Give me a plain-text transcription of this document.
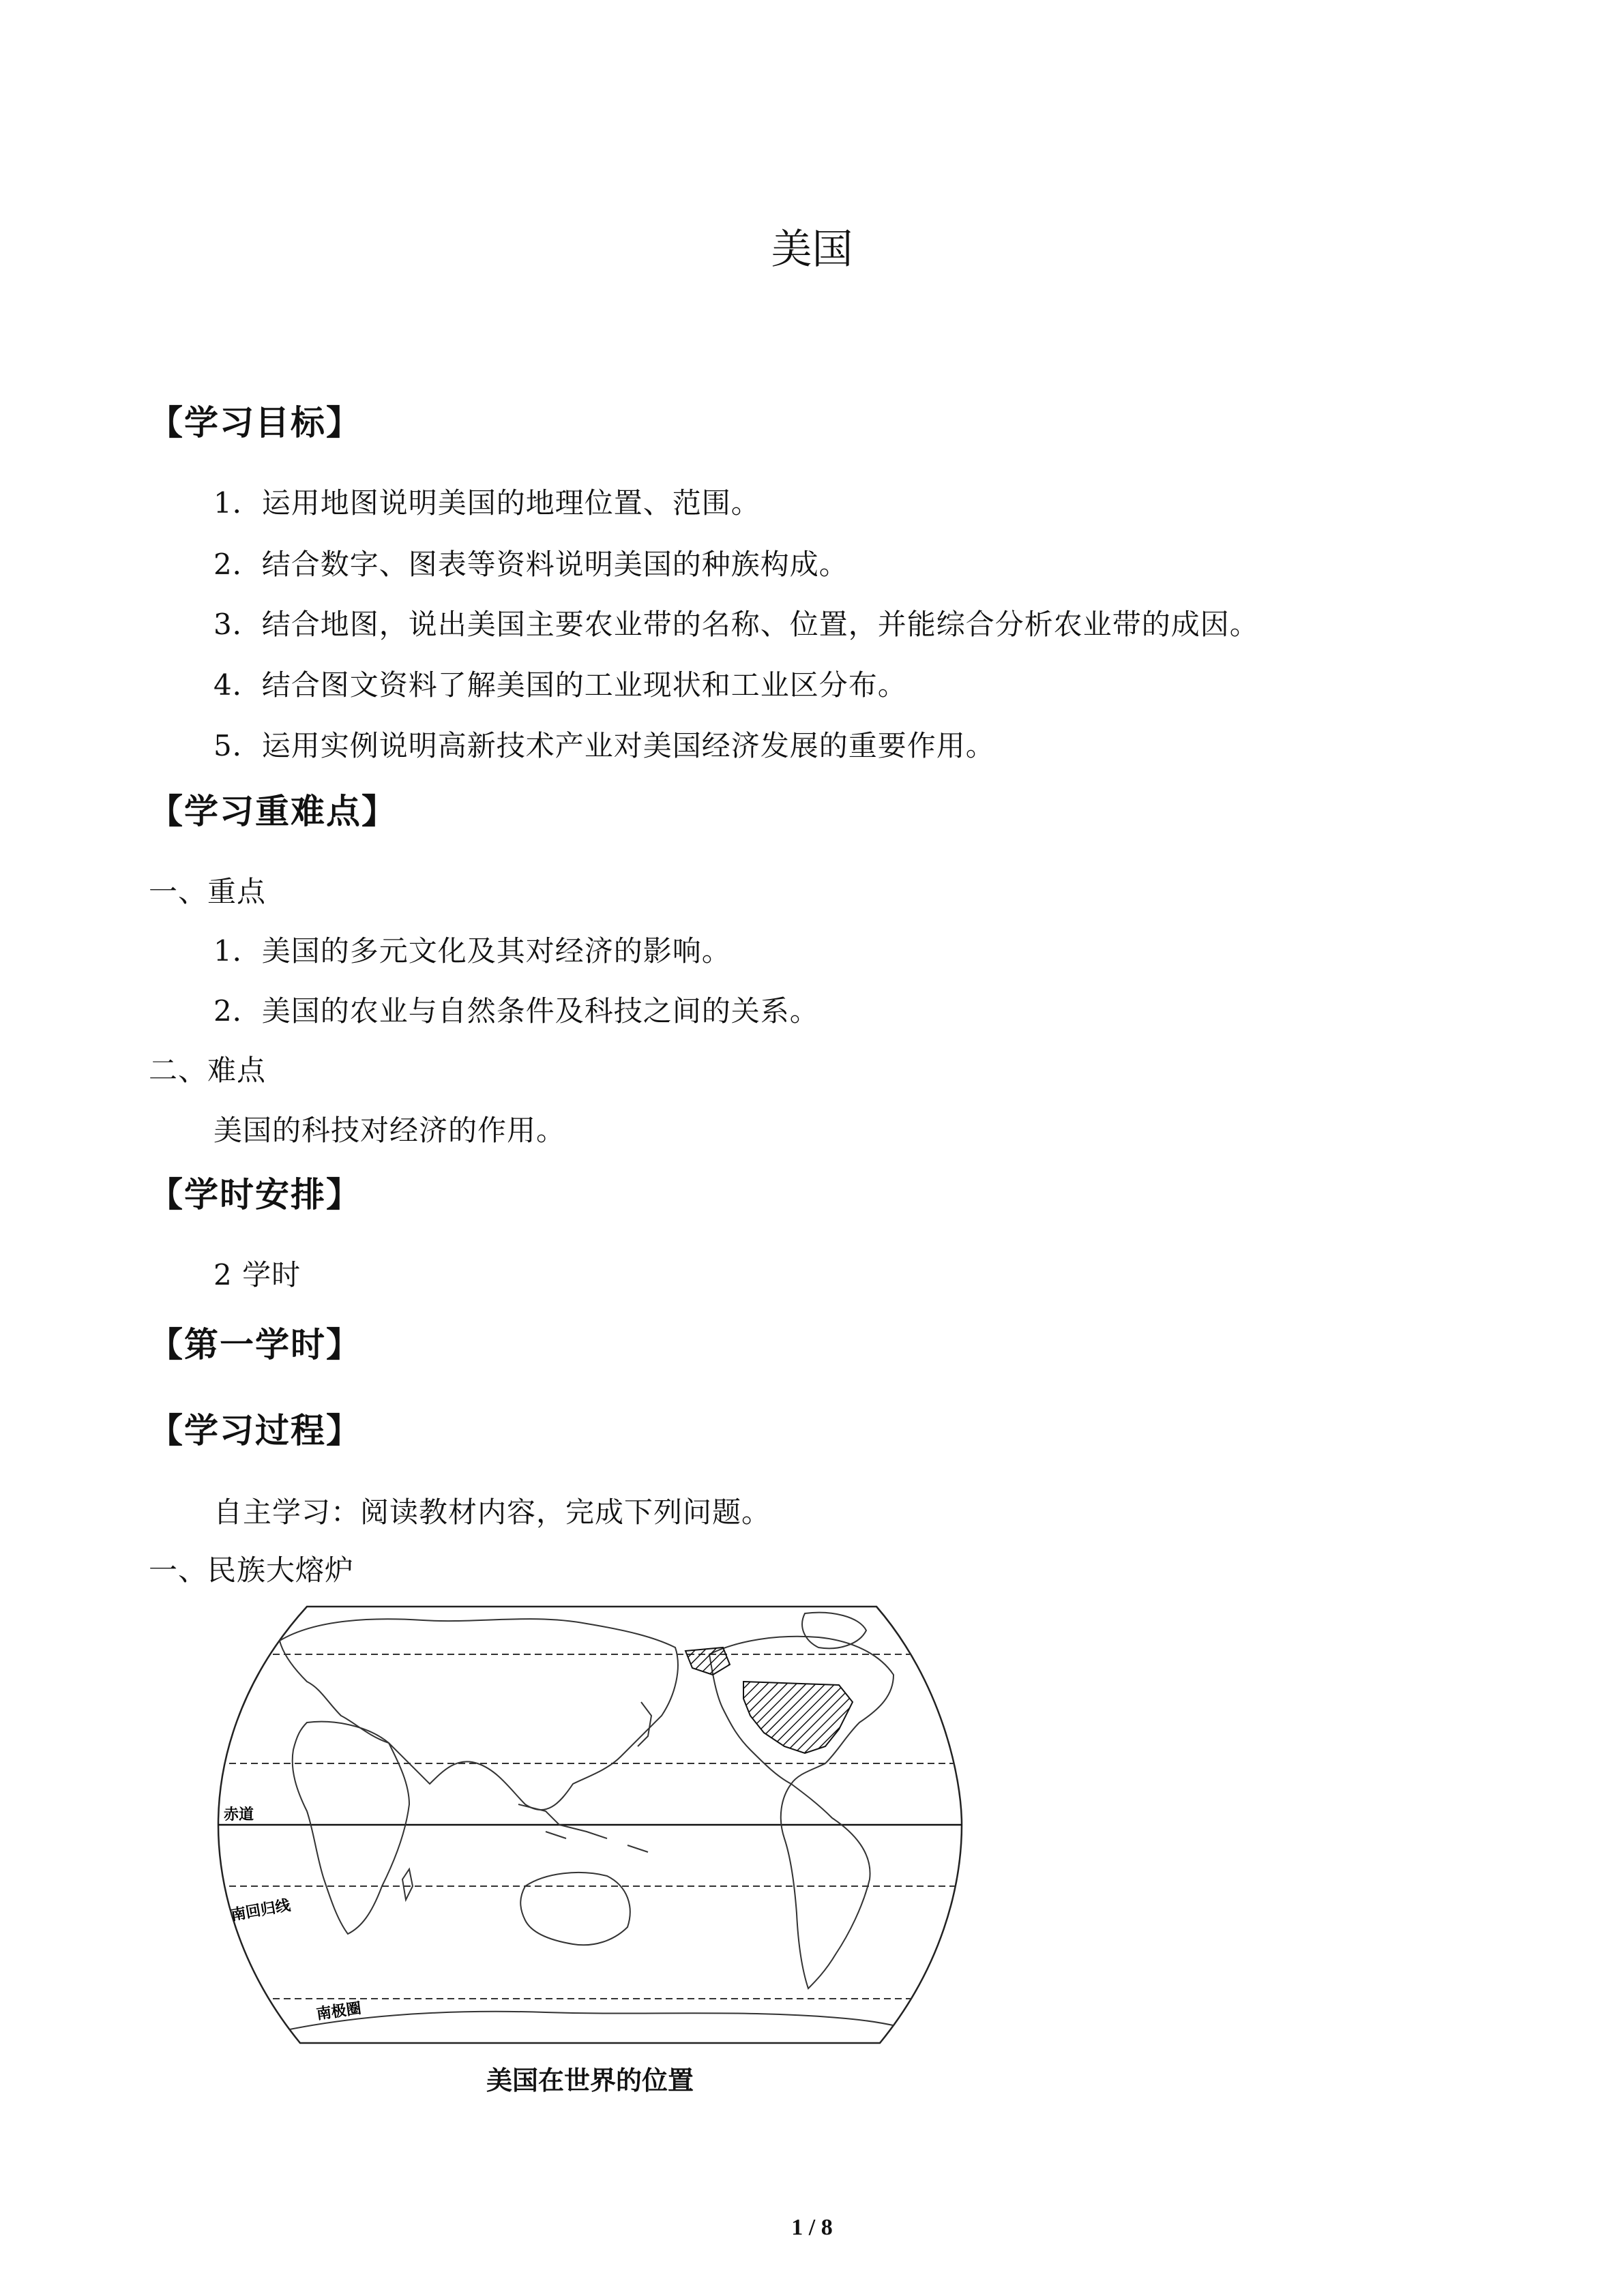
美国
【学习目标】
1．运用地图说明美国的地理位置、范围。
2．结合数字、图表等资料说明美国的种族构成。
3．结合地图，说出美国主要农业带的名称、位置，并能综合分析农业带的成因。
4．结合图文资料了解美国的工业现状和工业区分布。
5．运用实例说明高新技术产业对美国经济发展的重要作用。
【学习重难点】
一、重点
1．美国的多元文化及其对经济的影响。
2．美国的农业与自然条件及科技之间的关系。
二、难点
美国的科技对经济的作用。
【学时安排】
2 学时
【第一学时】
【学习过程】
自主学习：阅读教材内容，完成下列问题。
一、民族大熔炉
赤道
南回归线
南极圈
美国在世界的位置
1 / 8
